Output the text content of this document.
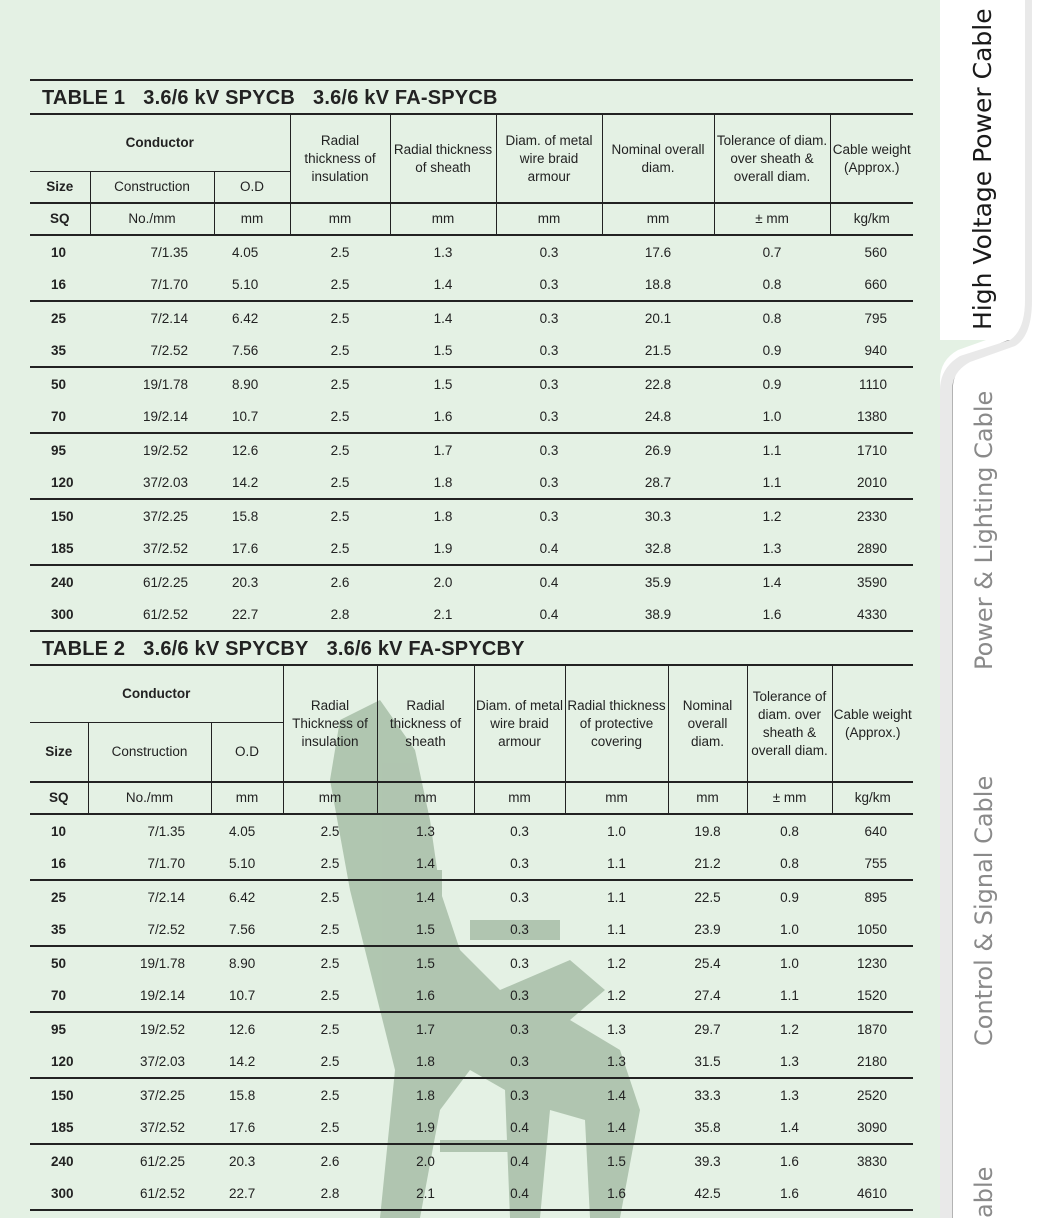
TABLE 1 3.6/6 kV SPYCB 3.6/6 kV FA-SPYCB
Conductor			Radial thickness of insulation	Radial thickness of sheath	Diam. of metal wire braid armour	Nominal overall diam.	Tolerance of diam. over sheath & overall diam.	Cable weight (Approx.)
Size	Construction	O.D						
SQ	No./mm	mm	mm	mm	mm	mm	± mm	kg/km
10	7/1.35	4.05	2.5	1.3	0.3	17.6	0.7	560
16	7/1.70	5.10	2.5	1.4	0.3	18.8	0.8	660
25	7/2.14	6.42	2.5	1.4	0.3	20.1	0.8	795
35	7/2.52	7.56	2.5	1.5	0.3	21.5	0.9	940
50	19/1.78	8.90	2.5	1.5	0.3	22.8	0.9	1110
70	19/2.14	10.7	2.5	1.6	0.3	24.8	1.0	1380
95	19/2.52	12.6	2.5	1.7	0.3	26.9	1.1	1710
120	37/2.03	14.2	2.5	1.8	0.3	28.7	1.1	2010
150	37/2.25	15.8	2.5	1.8	0.3	30.3	1.2	2330
185	37/2.52	17.6	2.5	1.9	0.4	32.8	1.3	2890
240	61/2.25	20.3	2.6	2.0	0.4	35.9	1.4	3590
300	61/2.52	22.7	2.8	2.1	0.4	38.9	1.6	4330
TABLE 2 3.6/6 kV SPYCBY 3.6/6 kV FA-SPYCBY
Conductor			Radial Thickness of insulation	Radial thickness of sheath	Diam. of metal wire braid armour	Radial thickness of protective covering	Nominal overall diam.	Tolerance of diam. over sheath & overall diam.	Cable weight (Approx.)
Size	Construction	O.D							
SQ	No./mm	mm	mm	mm	mm	mm	mm	± mm	kg/km
10	7/1.35	4.05	2.5	1.3	0.3	1.0	19.8	0.8	640
16	7/1.70	5.10	2.5	1.4	0.3	1.1	21.2	0.8	755
25	7/2.14	6.42	2.5	1.4	0.3	1.1	22.5	0.9	895
35	7/2.52	7.56	2.5	1.5	0.3	1.1	23.9	1.0	1050
50	19/1.78	8.90	2.5	1.5	0.3	1.2	25.4	1.0	1230
70	19/2.14	10.7	2.5	1.6	0.3	1.2	27.4	1.1	1520
95	19/2.52	12.6	2.5	1.7	0.3	1.3	29.7	1.2	1870
120	37/2.03	14.2	2.5	1.8	0.3	1.3	31.5	1.3	2180
150	37/2.25	15.8	2.5	1.8	0.3	1.4	33.3	1.3	2520
185	37/2.52	17.6	2.5	1.9	0.4	1.4	35.8	1.4	3090
240	61/2.25	20.3	2.6	2.0	0.4	1.5	39.3	1.6	3830
300	61/2.52	22.7	2.8	2.1	0.4	1.6	42.5	1.6	4610
High Voltage Power Cable
Power & Lighting Cable
Control & Signal Cable
able
